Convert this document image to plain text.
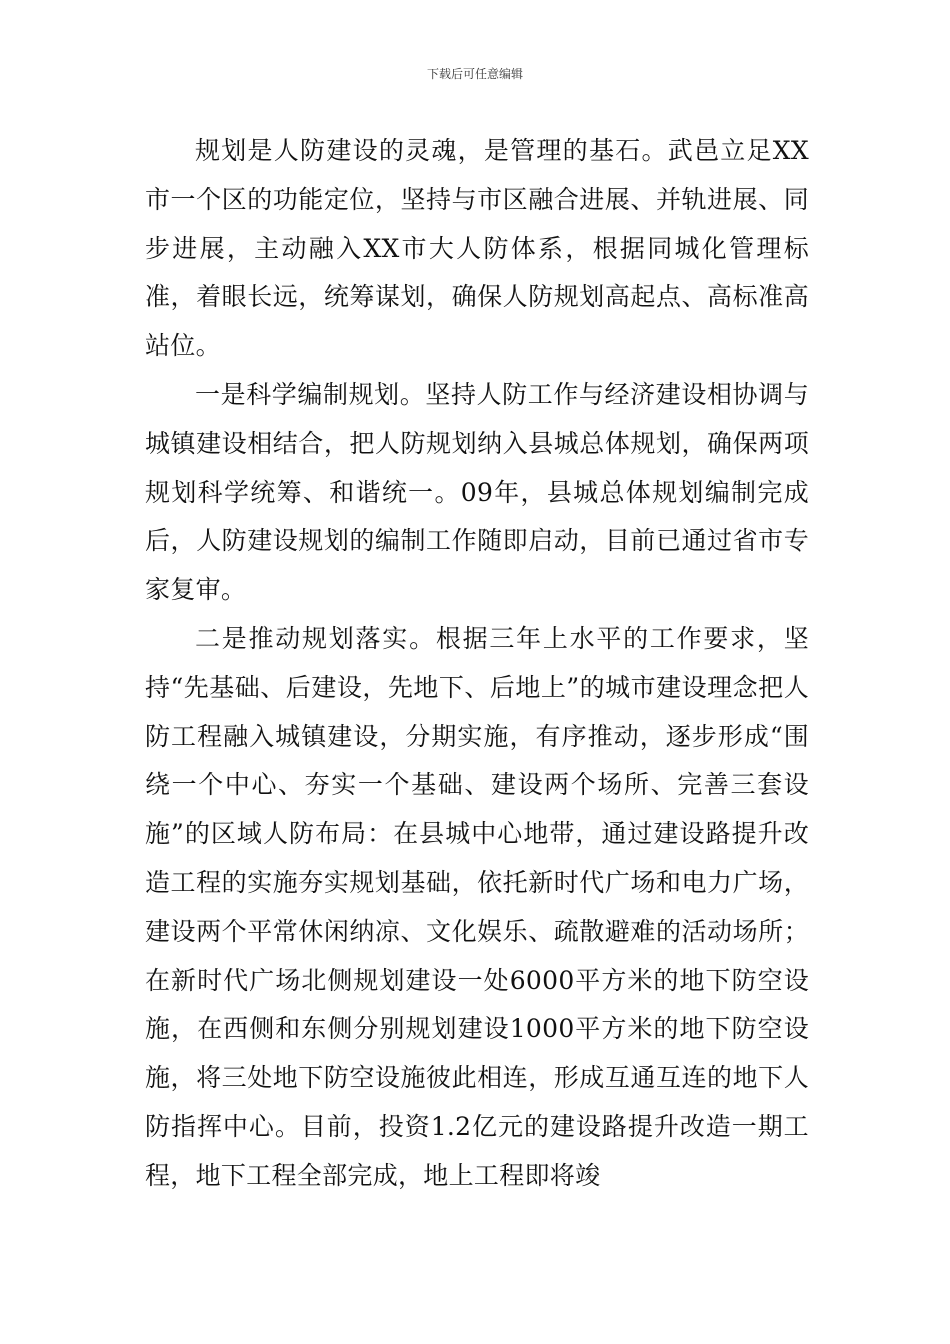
下载后可任意编辑

规划是人防建设的灵魂，是管理的基石。武邑立足XX市一个区的功能定位，坚持与市区融合进展、并轨进展、同步进展，主动融入XX市大人防体系，根据同城化管理标准，着眼长远，统筹谋划，确保人防规划高起点、高标准高站位。

一是科学编制规划。坚持人防工作与经济建设相协调与城镇建设相结合，把人防规划纳入县城总体规划，确保两项规划科学统筹、和谐统一。09年，县城总体规划编制完成后，人防建设规划的编制工作随即启动，目前已通过省市专家复审。

二是推动规划落实。根据三年上水平的工作要求，坚持“先基础、后建设，先地下、后地上”的城市建设理念把人防工程融入城镇建设，分期实施，有序推动，逐步形成“围绕一个中心、夯实一个基础、建设两个场所、完善三套设施”的区域人防布局：在县城中心地带，通过建设路提升改造工程的实施夯实规划基础，依托新时代广场和电力广场，建设两个平常休闲纳凉、文化娱乐、疏散避难的活动场所；在新时代广场北侧规划建设一处6000平方米的地下防空设施，在西侧和东侧分别规划建设1000平方米的地下防空设施，将三处地下防空设施彼此相连，形成互通互连的地下人防指挥中心。目前，投资1.2亿元的建设路提升改造一期工程，地下工程全部完成，地上工程即将竣
